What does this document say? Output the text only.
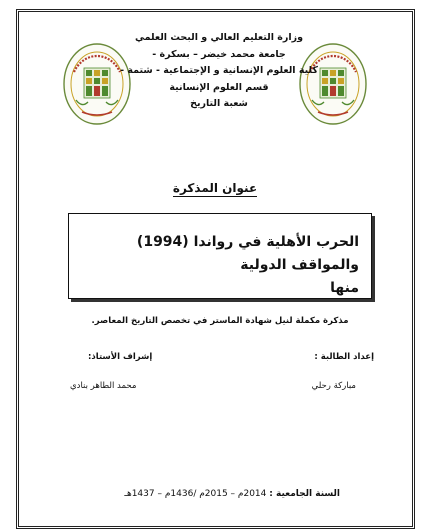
وزارة التعليم العالي و البحث العلمي
جامعة محمد خيضر – بسكرة -
كلية العلوم الإنسانية و الإجتماعية - شتمة -
قسم العلوم الإنسانية
شعبة التاريخ
عنوان المذكرة
الحرب الأهلية في رواندا (1994) والمواقف الدولية
منها
مذكرة مكملة لنيل شهادة الماستر في تخصص التاريخ المعاصر.
إعداد الطالبة :
إشراف الأستاذ:
مباركة رحلي
محمد الطاهر بنادي
السنة الجامعية : 2014م – 2015م /1436م – 1437هـ
